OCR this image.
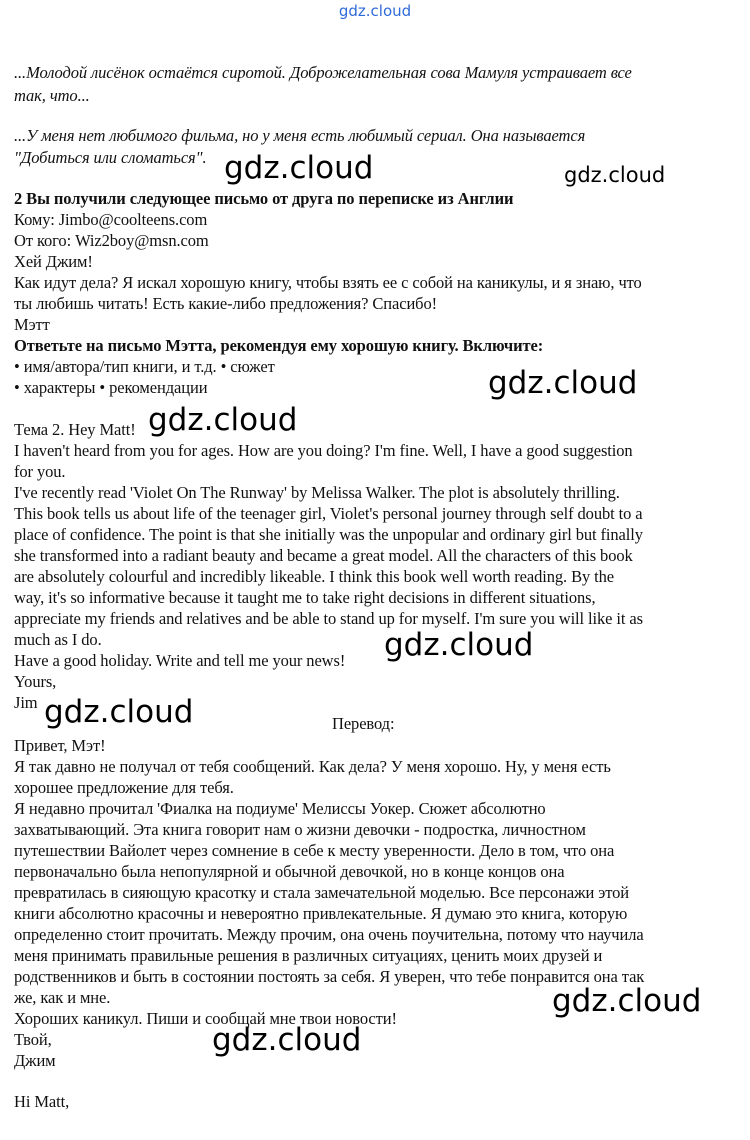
gdz.cloud
...Молодой лисёнок остаётся сиротой. Доброжелательная сова Мамуля устраивает все
так, что...
...У меня нет любимого фильма, но у меня есть любимый сериал. Она называется
"Добиться или сломаться".
2 Вы получили следующее письмо от друга по переписке из Англии
Кому: Jimbo@coolteens.com
От кого: Wiz2boy@msn.com
Хей Джим!
Как идут дела? Я искал хорошую книгу, чтобы взять ее с собой на каникулы, и я знаю, что
ты любишь читать! Есть какие-либо предложения? Спасибо!
Мэтт
Ответьте на письмо Мэтта, рекомендуя ему хорошую книгу. Включите:
• имя/автора/тип книги, и т.д. • сюжет
• характеры • рекомендации
Тема 2. Hey Matt!
I haven't heard from you for ages. How are you doing? I'm fine. Well, I have a good suggestion
for you.
I've recently read 'Violet On The Runway' by Melissa Walker. The plot is absolutely thrilling.
This book tells us about life of the teenager girl, Violet's personal journey through self doubt to a
place of confidence. The point is that she initially was the unpopular and ordinary girl but finally
she transformed into a radiant beauty and became a great model. All the characters of this book
are absolutely colourful and incredibly likeable. I think this book well worth reading. By the
way, it's so informative because it taught me to take right decisions in different situations,
appreciate my friends and relatives and be able to stand up for myself. I'm sure you will like it as
much as I do.
Have a good holiday. Write and tell me your news!
Yours,
Jim
Перевод:
Привет, Мэт!
Я так давно не получал от тебя сообщений. Как дела? У меня хорошо. Ну, у меня есть
хорошее предложение для тебя.
Я недавно прочитал 'Фиалка на подиуме' Мелиссы Уокер. Сюжет абсолютно
захватывающий. Эта книга говорит нам о жизни девочки - подростка, личностном
путешествии Вайолет через сомнение в себе к месту уверенности. Дело в том, что она
первоначально была непопулярной и обычной девочкой, но в конце концов она
превратилась в сияющую красотку и стала замечательной моделью. Все персонажи этой
книги абсолютно красочны и невероятно привлекательные. Я думаю это книга, которую
определенно стоит прочитать. Между прочим, она очень поучительна, потому что научила
меня принимать правильные решения в различных ситуациях, ценить моих друзей и
родственников и быть в состоянии постоять за себя. Я уверен, что тебе понравится она так
же, как и мне.
Хороших каникул. Пиши и сообщай мне твои новости!
Твой,
Джим
Hi Matt,
gdz.cloud	gdz.cloud
gdz.cloud
gdz.cloud
gdz.cloud
gdz.cloud
gdz.cloud
gdz.cloud
